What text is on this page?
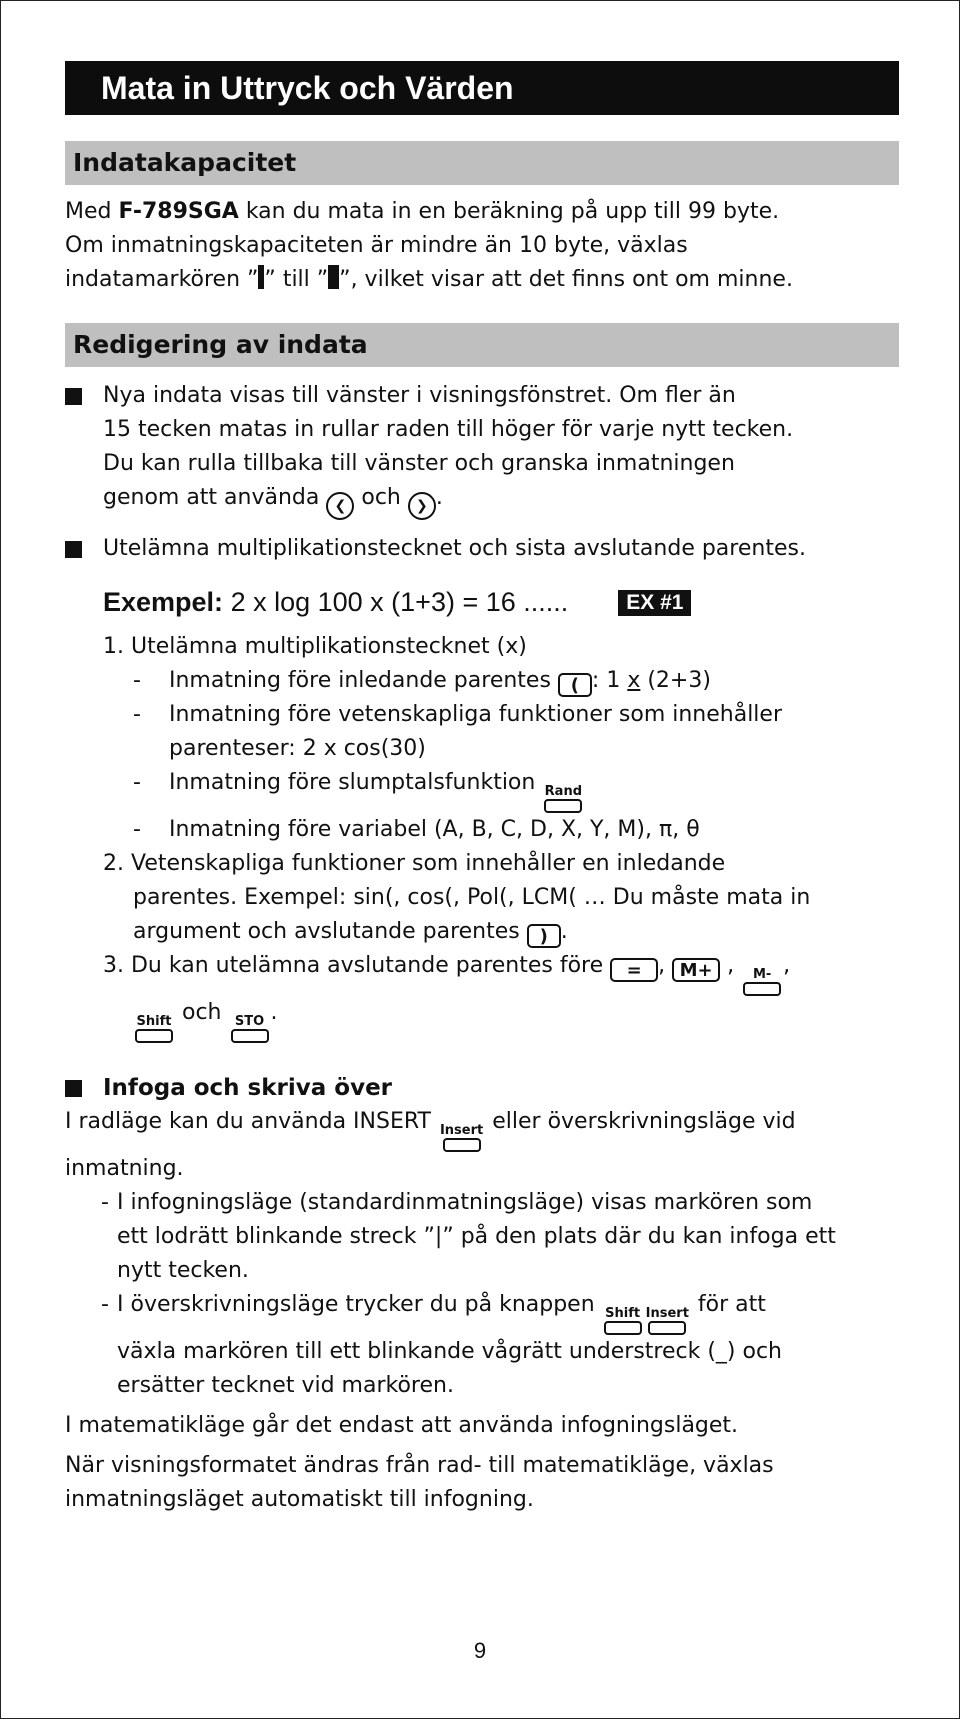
Mata in Uttryck och Värden
Indatakapacitet

Med F-789SGA kan du mata in en beräkning på upp till 99 byte.

Om inmatningskapaciteten är mindre än 10 byte, växlas

indatamarkören ” ” till ” ”, vilket visar att det finns ont om minne.

Redigering av indata

Nya indata visas till vänster i visningsfönstret. Om fler än

15 tecken matas in rullar raden till höger för varje nytt tecken.

Du kan rulla tillbaka till vänster och granska inmatningen

genom att använda ❮ och ❯ .

Utelämna multiplikationstecknet och sista avslutande parentes.

Exempel: 2 x log 100 x (1+3) = 16 ......	EX #1
1. Utelämna multiplikationstecknet (x)
- Inmatning före inledande parentes ( : 1 x (2+3)
- Inmatning före vetenskapliga funktioner som innehåller
parenteser: 2 x cos(30)
- Inmatning före slumptalsfunktion Rand
- Inmatning före variabel (A, B, C, D, X, Y, M), π, θ
2. Vetenskapliga funktioner som innehåller en inledande
parentes. Exempel: sin(, cos(, Pol(, LCM( … Du måste mata in
argument och avslutande parentes ) .
3. Du kan utelämna avslutande parentes före = , M+ , M- ,
Shift och STO .
Infoga och skriva över

I radläge kan du använda INSERT Insert eller överskrivningsläge vid

inmatning.

- I infogningsläge (standardinmatningsläge) visas markören som
ett lodrätt blinkande streck ”|” på den plats där du kan infoga ett
nytt tecken.
- I överskrivningsläge trycker du på knappen Shift Insert för att
växla markören till ett blinkande vågrätt understreck (_) och
ersätter tecknet vid markören.

I matematikläge går det endast att använda infogningsläget.

När visningsformatet ändras från rad- till matematikläge, växlas

inmatningsläget automatiskt till infogning.

9
